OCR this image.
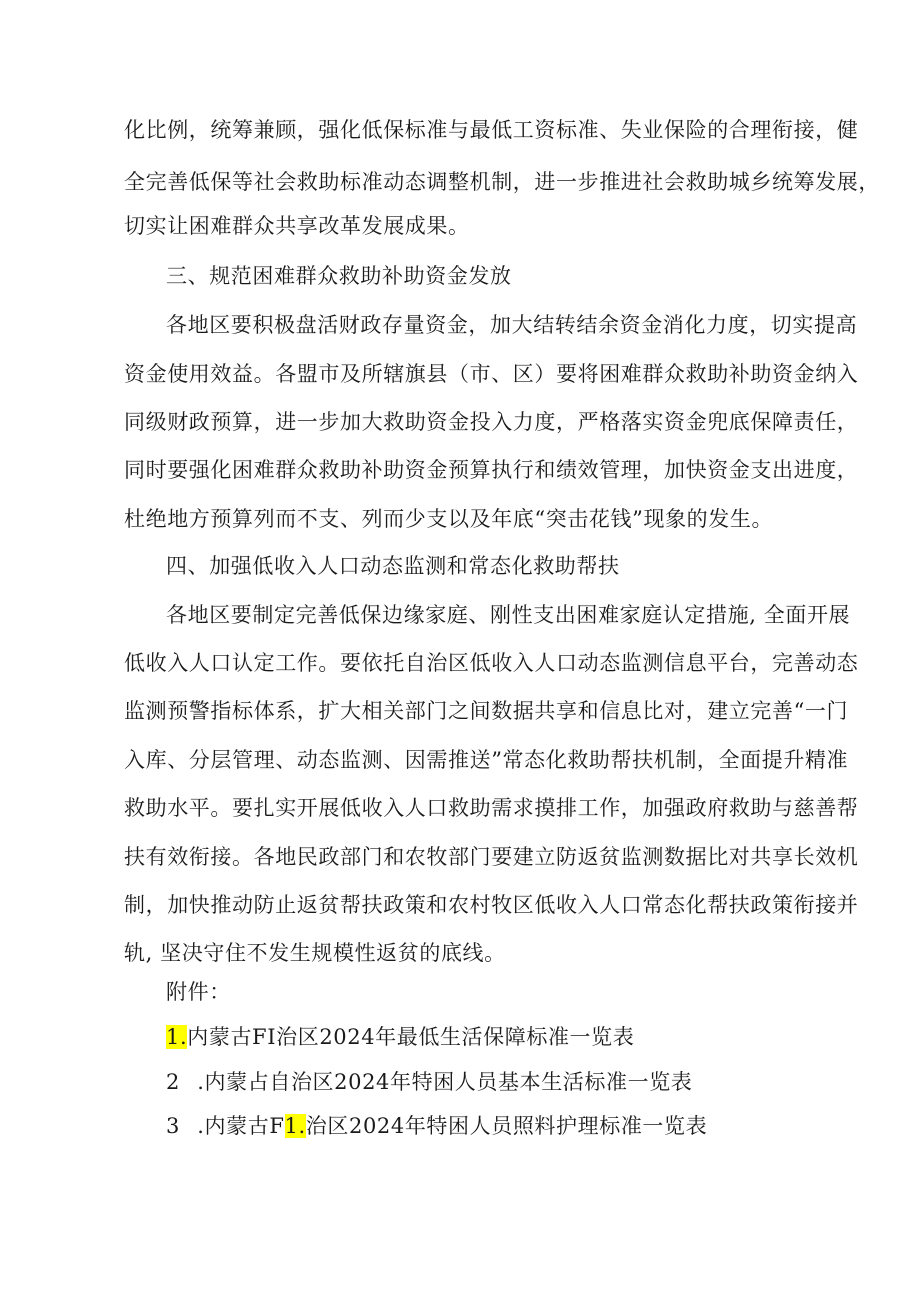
化比例，统筹兼顾，强化低保标准与最低工资标准、失业保险的合理衔接，健
全完善低保等社会救助标准动态调整机制，进一步推进社会救助城乡统筹发展，
切实让困难群众共享改革发展成果。
三、规范困难群众救助补助资金发放
各地区要积极盘活财政存量资金，加大结转结余资金消化力度，切实提高
资金使用效益。各盟市及所辖旗县（市、区）要将困难群众救助补助资金纳入
同级财政预算，进一步加大救助资金投入力度，严格落实资金兜底保障责任，
同时要强化困难群众救助补助资金预算执行和绩效管理，加快资金支出进度，
杜绝地方预算列而不支、列而少支以及年底“突击花钱”现象的发生。
四、加强低收入人口动态监测和常态化救助帮扶
各地区要制定完善低保边缘家庭、刚性支出困难家庭认定措施, 全面开展
低收入人口认定工作。要依托自治区低收入人口动态监测信息平台，完善动态
监测预警指标体系，扩大相关部门之间数据共享和信息比对，建立完善“一门
入库、分层管理、动态监测、因需推送”常态化救助帮扶机制，全面提升精准
救助水平。要扎实开展低收入人口救助需求摸排工作，加强政府救助与慈善帮
扶有效衔接。各地民政部门和农牧部门要建立防返贫监测数据比对共享长效机
制，加快推动防止返贫帮扶政策和农村牧区低收入人口常态化帮扶政策衔接并
轨, 坚决守住不发生规模性返贫的底线。
附件：
1.内蒙古FI治区2024年最低生活保障标准一览表
2 .内蒙占自治区2024年特困人员基本生活标准一览表
3 .内蒙古F1.治区2024年特困人员照料护理标准一览表
